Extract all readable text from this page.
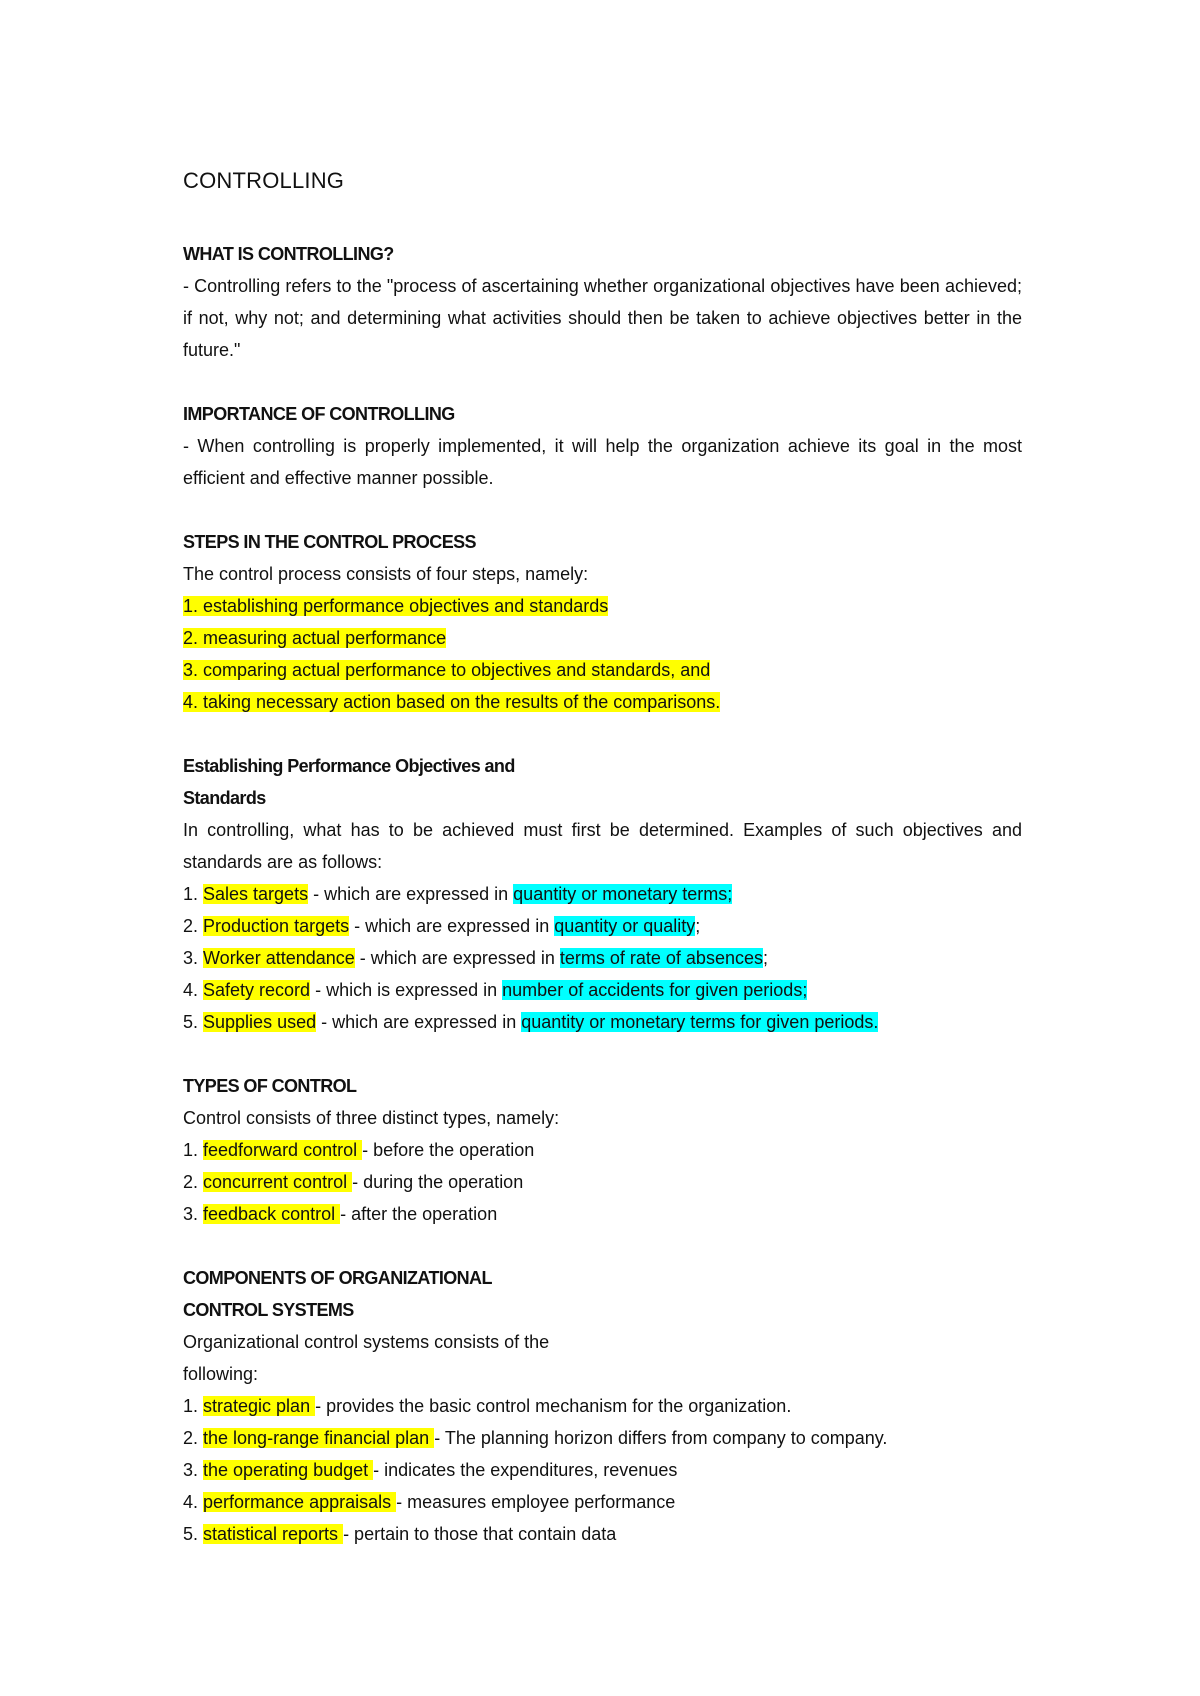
CONTROLLING
WHAT IS CONTROLLING?

- Controlling refers to the "process of ascertaining whether organizational objectives have been achieved; if not, why not; and determining what activities should then be taken to achieve objectives better in the future."

IMPORTANCE OF CONTROLLING

- When controlling is properly implemented, it will help the organization achieve its goal in the most efficient and effective manner possible.

STEPS IN THE CONTROL PROCESS

The control process consists of four steps, namely:

1. establishing performance objectives and standards
2. measuring actual performance
3. comparing actual performance to objectives and standards, and
4. taking necessary action based on the results of the comparisons.
Establishing Performance Objectives and
Standards

In controlling, what has to be achieved must first be determined. Examples of such objectives and standards are as follows:

1. Sales targets - which are expressed in quantity or monetary terms;
2. Production targets - which are expressed in quantity or quality;
3. Worker attendance - which are expressed in terms of rate of absences;
4. Safety record - which is expressed in number of accidents for given periods;
5. Supplies used - which are expressed in quantity or monetary terms for given periods.
TYPES OF CONTROL

Control consists of three distinct types, namely:

1. feedforward control - before the operation
2. concurrent control - during the operation
3. feedback control - after the operation
COMPONENTS OF ORGANIZATIONAL
CONTROL SYSTEMS

Organizational control systems consists of the
following:

1. strategic plan - provides the basic control mechanism for the organization.
2. the long-range financial plan - The planning horizon differs from company to company.
3. the operating budget - indicates the expenditures, revenues
4. performance appraisals - measures employee performance
5. statistical reports - pertain to those that contain data
